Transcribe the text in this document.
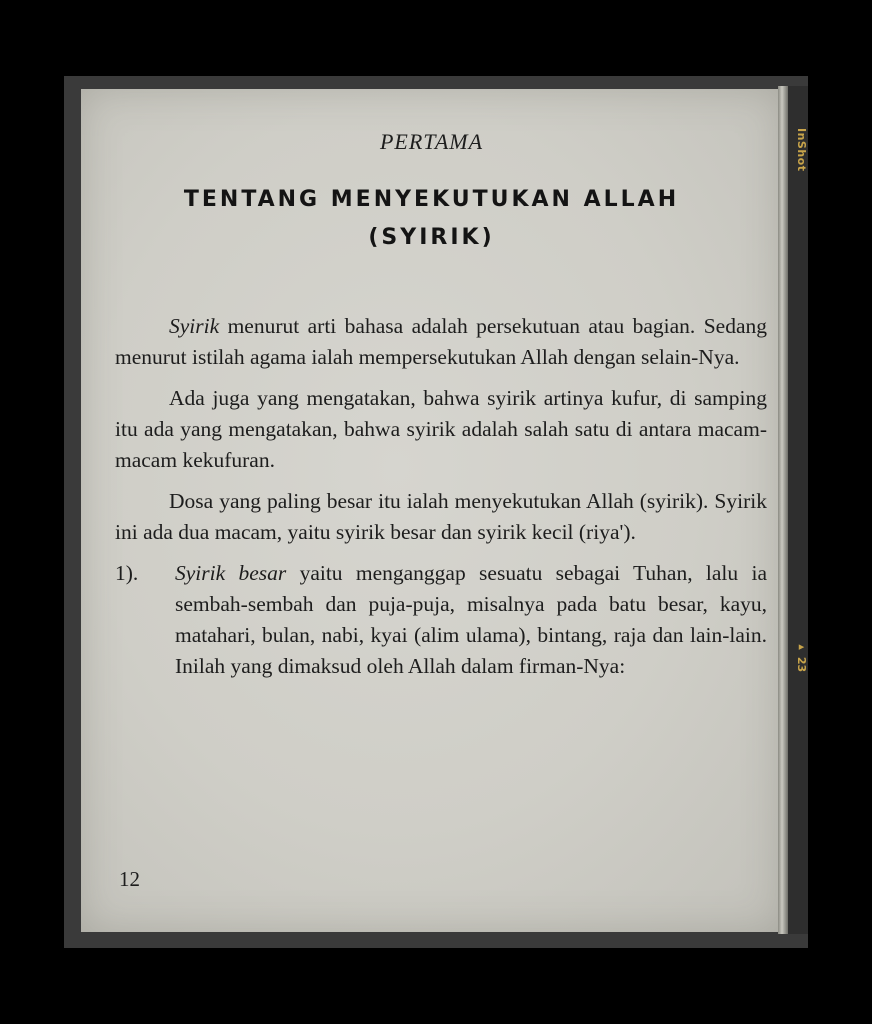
PERTAMA
TENTANG MENYEKUTUKAN ALLAH
(SYIRIK)

Syirik menurut arti bahasa adalah persekutuan atau bagian. Sedang menurut istilah agama ialah mempersekutukan Allah dengan selain-Nya.

Ada juga yang mengatakan, bahwa syirik artinya kufur, di samping itu ada yang mengatakan, bahwa syirik adalah salah satu di antara macam-macam kekufuran.

Dosa yang paling besar itu ialah menyekutukan Allah (syirik). Syirik ini ada dua macam, yaitu syirik besar dan syirik kecil (riya').

1). Syirik besar yaitu menganggap sesuatu sebagai Tuhan, lalu ia sembah-sembah dan puja-puja, misalnya pada batu besar, kayu, matahari, bulan, nabi, kyai (alim ulama), bintang, raja dan lain-lain. Inilah yang dimaksud oleh Allah dalam firman-Nya:

12
InShot
▸ 23
